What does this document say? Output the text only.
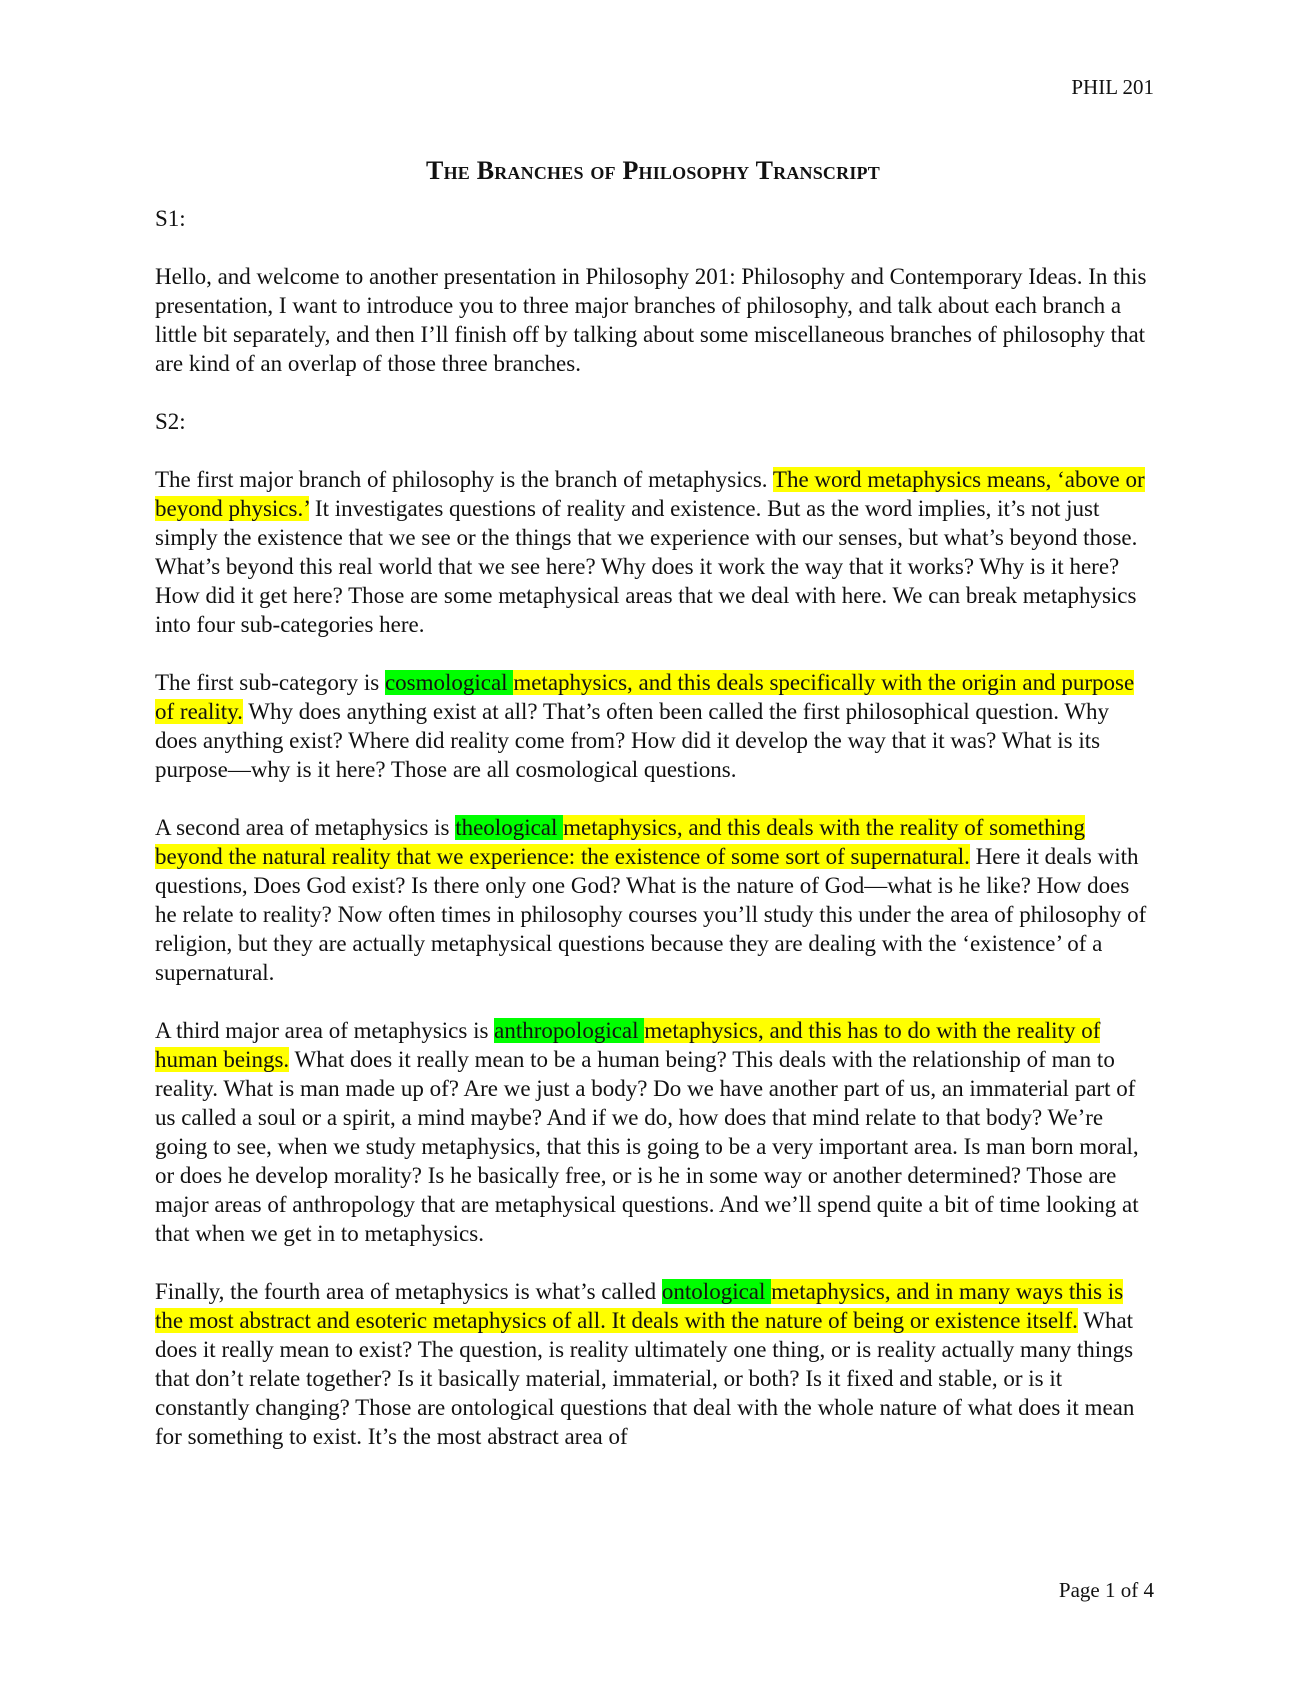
PHIL 201
The Branches of Philosophy Transcript

S1:

Hello, and welcome to another presentation in Philosophy 201: Philosophy and Contemporary Ideas. In this presentation, I want to introduce you to three major branches of philosophy, and talk about each branch a little bit separately, and then I’ll finish off by talking about some miscellaneous branches of philosophy that are kind of an overlap of those three branches.

S2:

The first major branch of philosophy is the branch of metaphysics. The word metaphysics means, ‘above or beyond physics.’ It investigates questions of reality and existence. But as the word implies, it’s not just simply the existence that we see or the things that we experience with our senses, but what’s beyond those. What’s beyond this real world that we see here? Why does it work the way that it works? Why is it here? How did it get here? Those are some metaphysical areas that we deal with here. We can break metaphysics into four sub-categories here.

The first sub-category is cosmological metaphysics, and this deals specifically with the origin and purpose of reality. Why does anything exist at all? That’s often been called the first philosophical question. Why does anything exist? Where did reality come from? How did it develop the way that it was? What is its purpose—why is it here? Those are all cosmological questions.

A second area of metaphysics is theological metaphysics, and this deals with the reality of something beyond the natural reality that we experience: the existence of some sort of supernatural. Here it deals with questions, Does God exist? Is there only one God? What is the nature of God—what is he like? How does he relate to reality? Now often times in philosophy courses you’ll study this under the area of philosophy of religion, but they are actually metaphysical questions because they are dealing with the ‘existence’ of a supernatural.

A third major area of metaphysics is anthropological metaphysics, and this has to do with the reality of human beings. What does it really mean to be a human being? This deals with the relationship of man to reality. What is man made up of? Are we just a body? Do we have another part of us, an immaterial part of us called a soul or a spirit, a mind maybe? And if we do, how does that mind relate to that body? We’re going to see, when we study metaphysics, that this is going to be a very important area. Is man born moral, or does he develop morality? Is he basically free, or is he in some way or another determined? Those are major areas of anthropology that are metaphysical questions. And we’ll spend quite a bit of time looking at that when we get in to metaphysics.

Finally, the fourth area of metaphysics is what’s called ontological metaphysics, and in many ways this is the most abstract and esoteric metaphysics of all. It deals with the nature of being or existence itself. What does it really mean to exist? The question, is reality ultimately one thing, or is reality actually many things that don’t relate together? Is it basically material, immaterial, or both? Is it fixed and stable, or is it constantly changing? Those are ontological questions that deal with the whole nature of what does it mean for something to exist. It’s the most abstract area of

Page 1 of 4
